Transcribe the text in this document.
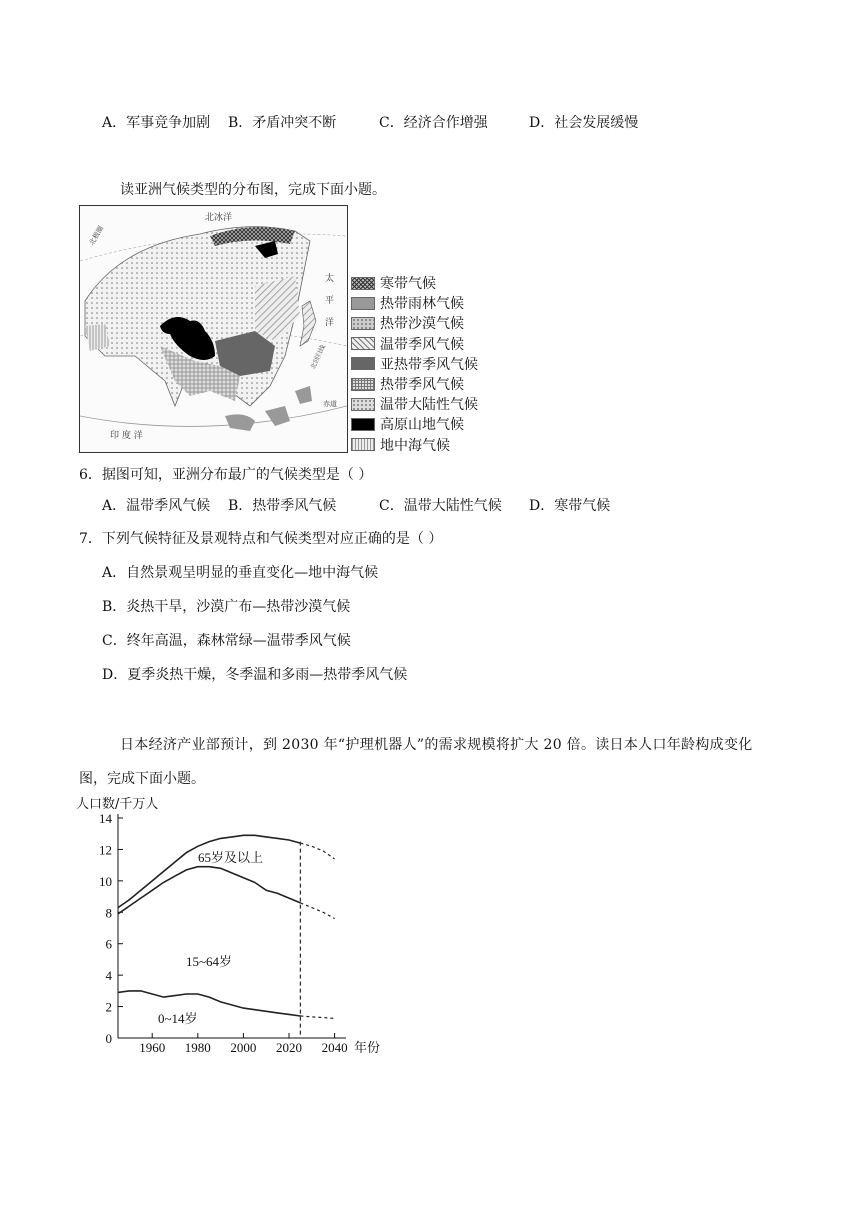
A．军事竞争加剧 B．矛盾冲突不断	C．经济合作增强	D．社会发展缓慢
读亚洲气候类型的分布图，完成下面小题。
北冰洋
北极圈
太
平
洋
北回归线
赤道
印 度 洋
寒带气候
热带雨林气候
热带沙漠气候
温带季风气候
亚热带季风气候
热带季风气候
温带大陆性气候
高原山地气候
地中海气候
6．据图可知，亚洲分布最广的气候类型是（ ）
A．温带季风气候 B．热带季风气候	C．温带大陆性气候 D．寒带气候
7．下列气候特征及景观特点和气候类型对应正确的是（ ）
A．自然景观呈明显的垂直变化—地中海气候
B．炎热干旱，沙漠广布—热带沙漠气候
C．终年高温，森林常绿—温带季风气候
D．夏季炎热干燥，冬季温和多雨—热带季风气候
日本经济产业部预计，到 2030 年“护理机器人”的需求规模将扩大 20 倍。读日本人口年龄构成变化
图，完成下面小题。
0
2
4
6
8
10
12
14
1960 1980 2000 2020 2040
人口数/千万人
年份
65岁及以上
15~64岁
0~14岁
